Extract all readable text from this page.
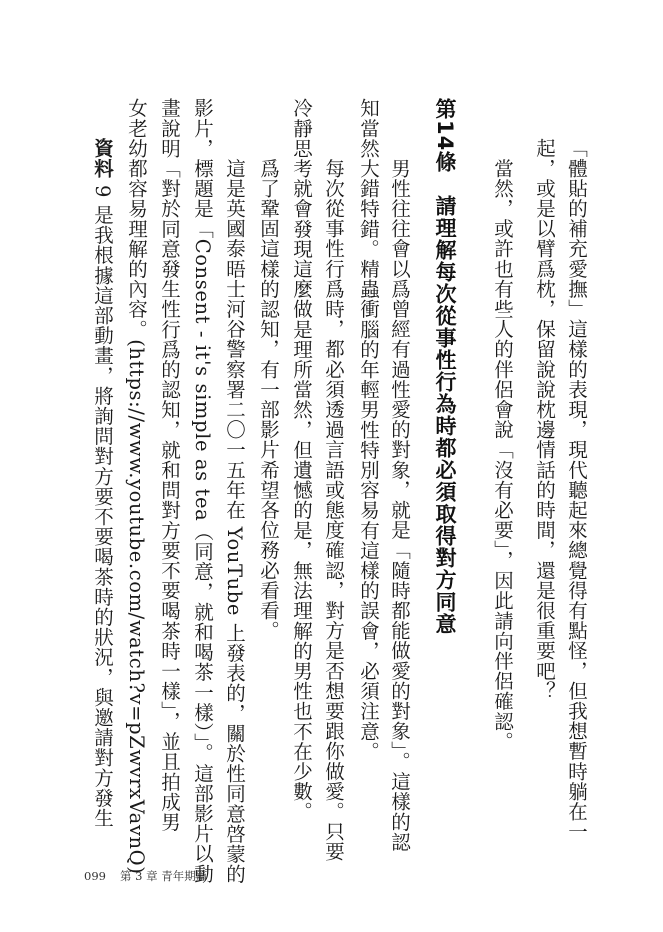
「體貼的補充愛撫」這樣的表現，現代聽起來總覺得有點怪，但我想暫時躺在一
起，或是以臂爲枕，保留說說枕邊情話的時間，還是很重要吧？
　當然，或許也有些人的伴侶會說「沒有必要」，因此請向伴侶確認。
第14條請理解每次從事性行為時都必須取得對方同意
　男性往往會以爲曾經有過性愛的對象，就是「隨時都能做愛的對象」。這樣的認
知當然大錯特錯。精蟲衝腦的年輕男性特別容易有這樣的誤會，必須注意。
　每次從事性行爲時，都必須透過言語或態度確認，對方是否想要跟你做愛。只要
冷靜思考就會發現這麼做是理所當然，但遺憾的是，無法理解的男性也不在少數。
　爲了鞏固這樣的認知，有一部影片希望各位務必看看。
　這是英國泰晤士河谷警察署二〇一五年在 YouTube 上發表的，關於性同意啓蒙的
影片，標題是「Consent - it's simple as tea（同意，就和喝茶一樣）」。這部影片以動
畫說明「對於同意發生性行爲的認知，就和問對方要不要喝茶時一樣」，並且拍成男
女老幼都容易理解的內容。(https://www.youtube.com/watch?v=pZwvrxVavnQ)
資料 9 是我根據這部動畫，將詢問對方要不要喝茶時的狀況，與邀請對方發生
099 第 3 章 青年期篇
